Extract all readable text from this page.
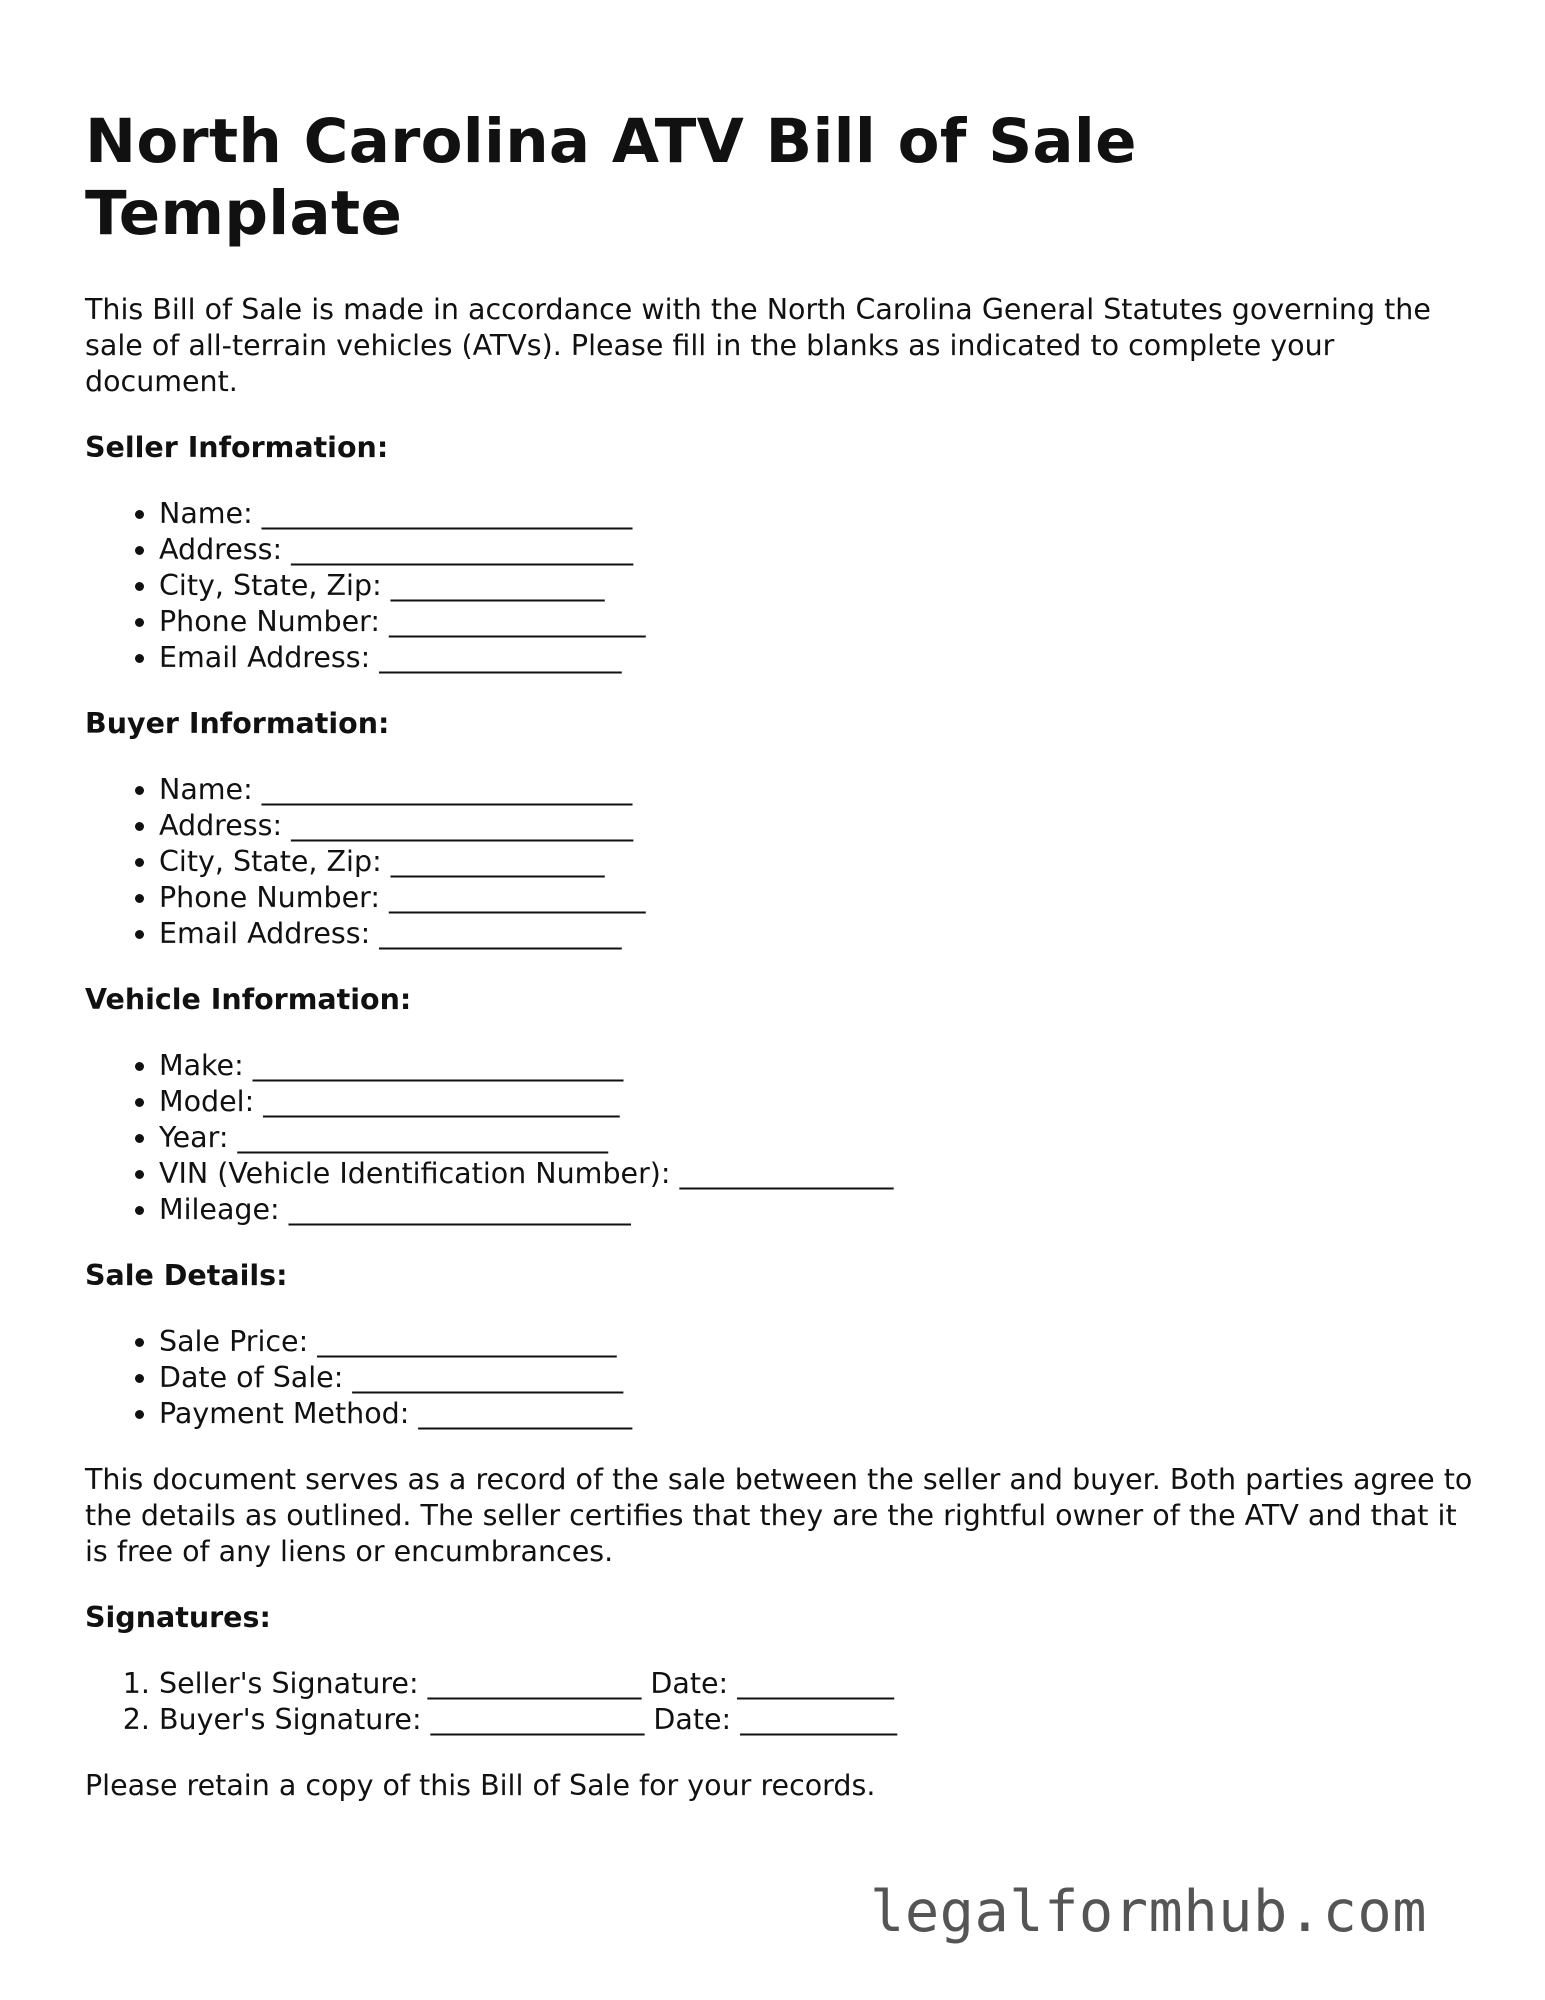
North Carolina ATV Bill of Sale Template

This Bill of Sale is made in accordance with the North Carolina General Statutes governing the sale of all-terrain vehicles (ATVs). Please fill in the blanks as indicated to complete your document.

Seller Information:
• Name: __________________________
• Address: ________________________
• City, State, Zip: _______________
• Phone Number: __________________
• Email Address: _________________
Buyer Information:
• Name: __________________________
• Address: ________________________
• City, State, Zip: _______________
• Phone Number: __________________
• Email Address: _________________
Vehicle Information:
• Make: __________________________
• Model: _________________________
• Year: __________________________
• VIN (Vehicle Identification Number): _______________
• Mileage: ________________________
Sale Details:
• Sale Price: _____________________
• Date of Sale: ___________________
• Payment Method: _______________

This document serves as a record of the sale between the seller and buyer. Both parties agree to the details as outlined. The seller certifies that they are the rightful owner of the ATV and that it is free of any liens or encumbrances.

Signatures:
1. Seller's Signature: _______________ Date: ___________
2. Buyer's Signature: _______________ Date: ___________

Please retain a copy of this Bill of Sale for your records.

legalformhub.com
